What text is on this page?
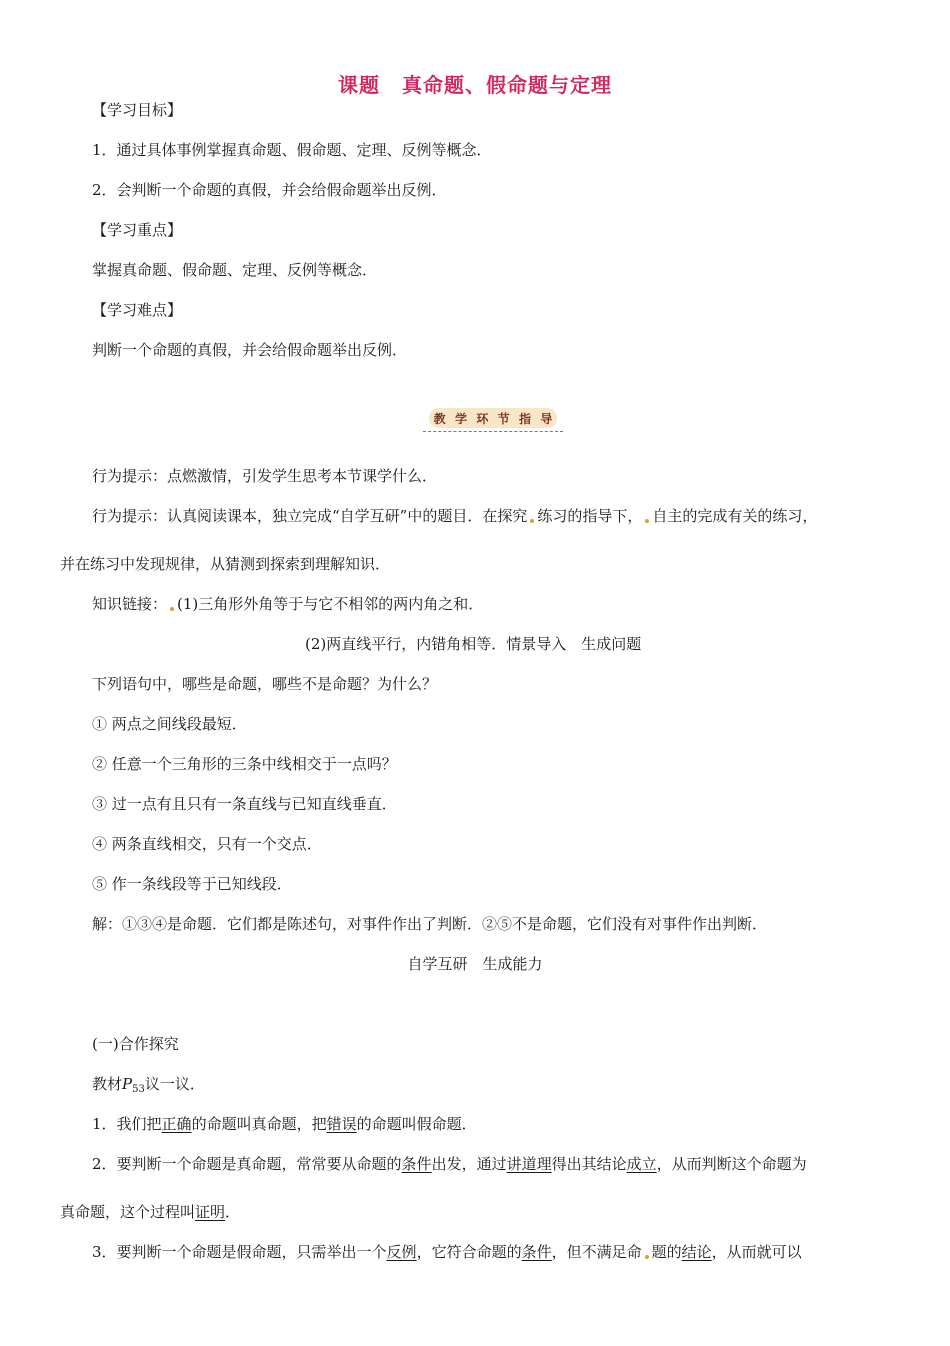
课题 真命题、假命题与定理
【学习目标】
1．通过具体事例掌握真命题、假命题、定理、反例等概念．
2．会判断一个命题的真假，并会给假命题举出反例．
【学习重点】
掌握真命题、假命题、定理、反例等概念．
【学习难点】
判断一个命题的真假，并会给假命题举出反例．
教 学 环 节 指 导
行为提示：点燃激情，引发学生思考本节课学什么．
行为提示：认真阅读课本，独立完成“自学互研”中的题目．在探究 练习的指导下， 自主的完成有关的练习，
并在练习中发现规律，从猜测到探索到理解知识．
知识链接： (1)三角形外角等于与它不相邻的两内角之和．
(2)两直线平行，内错角相等．情景导入　生成问题
下列语句中，哪些是命题，哪些不是命题？为什么？
① 两点之间线段最短．
② 任意一个三角形的三条中线相交于一点吗？
③ 过一点有且只有一条直线与已知直线垂直．
④ 两条直线相交，只有一个交点．
⑤ 作一条线段等于已知线段．
解：①③④是命题．它们都是陈述句，对事件作出了判断．②⑤不是命题，它们没有对事件作出判断．
自学互研　生成能力
(一)合作探究
教材$P_{53}$议一议．
1．我们把正确的命题叫真命题，把错误的命题叫假命题．
2．要判断一个命题是真命题，常常要从命题的条件出发，通过讲道理得出其结论成立，从而判断这个命题为
真命题，这个过程叫证明．
3．要判断一个命题是假命题，只需举出一个反例，它符合命题的条件，但不满足命 题的结论，从而就可以
